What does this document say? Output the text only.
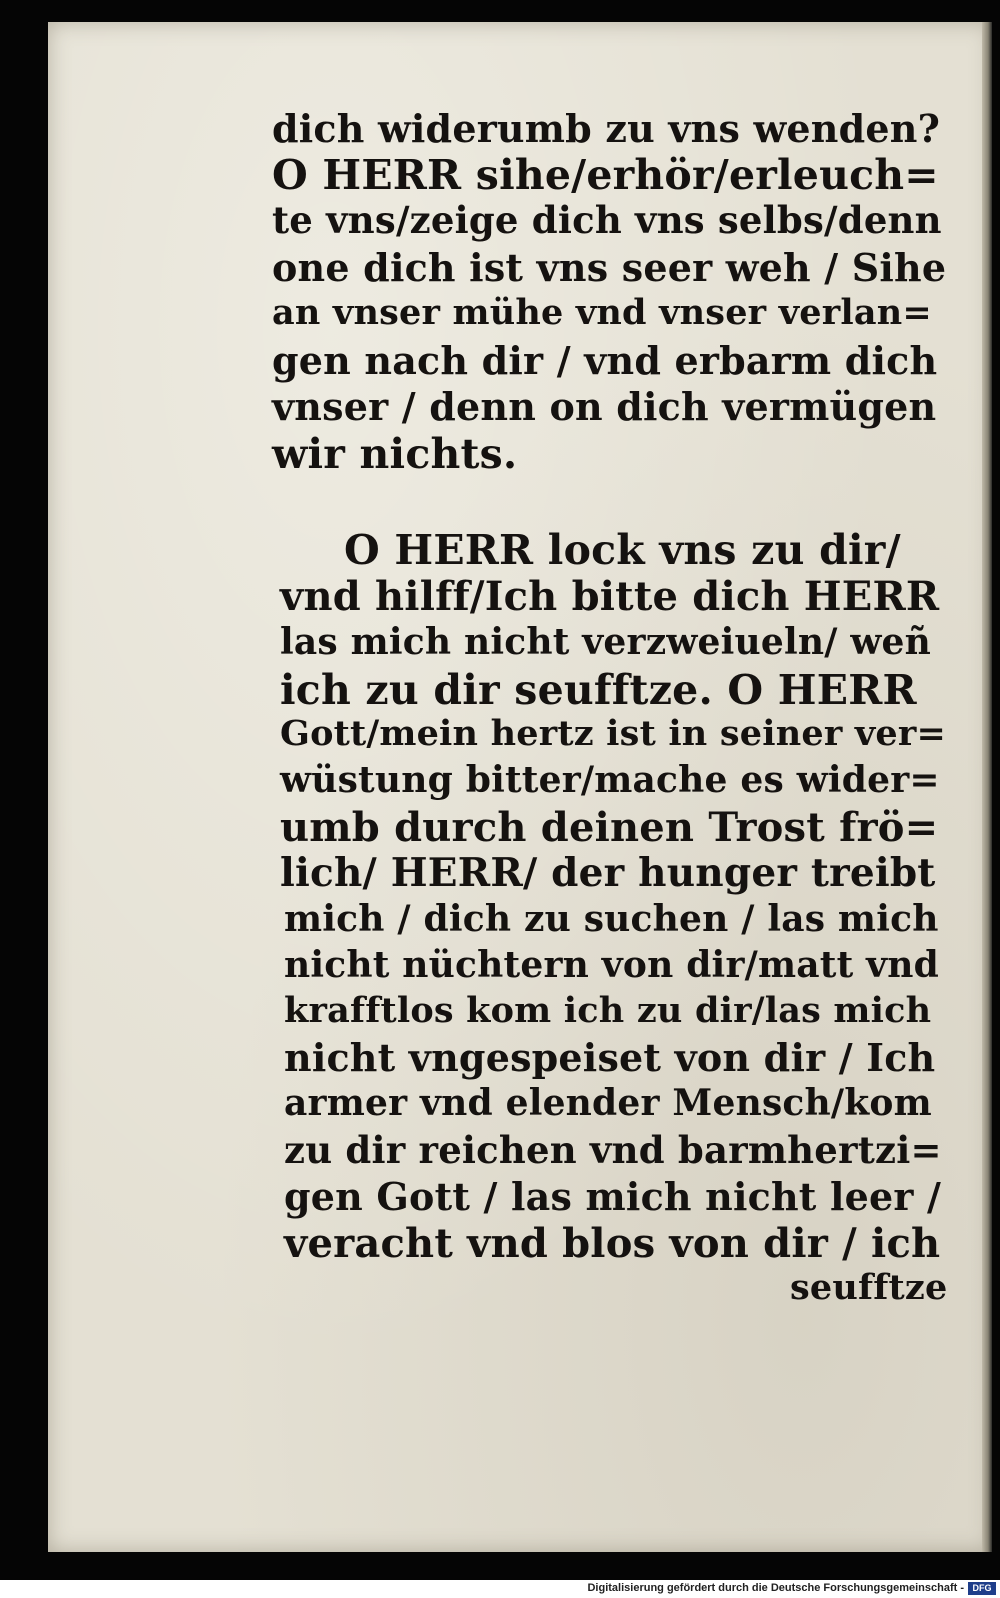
dich widerumb zu vns wenden?
O HERR sihe/erhör/erleuch=
te vns/zeige dich vns selbs/denn
one dich ist vns seer weh / Sihe
an vnser mühe vnd vnser verlan=
gen nach dir / vnd erbarm dich
vnser / denn on dich vermügen
wir nichts.
O HERR lock vns zu dir/
vnd hilff/Ich bitte dich HERR
las mich nicht verzweiueln/ weñ
ich zu dir seufftze. O HERR
Gott/mein hertz ist in seiner ver=
wüstung bitter/mache es wider=
umb durch deinen Trost frö=
lich/ HERR/ der hunger treibt
mich / dich zu suchen / las mich
nicht nüchtern von dir/matt vnd
krafftlos kom ich zu dir/las mich
nicht vngespeiset von dir / Ich
armer vnd elender Mensch/kom
zu dir reichen vnd barmhertzi=
gen Gott / las mich nicht leer /
veracht vnd blos von dir / ich
seufftze
Digitalisierung gefördert durch die Deutsche Forschungsgemeinschaft - DFG
